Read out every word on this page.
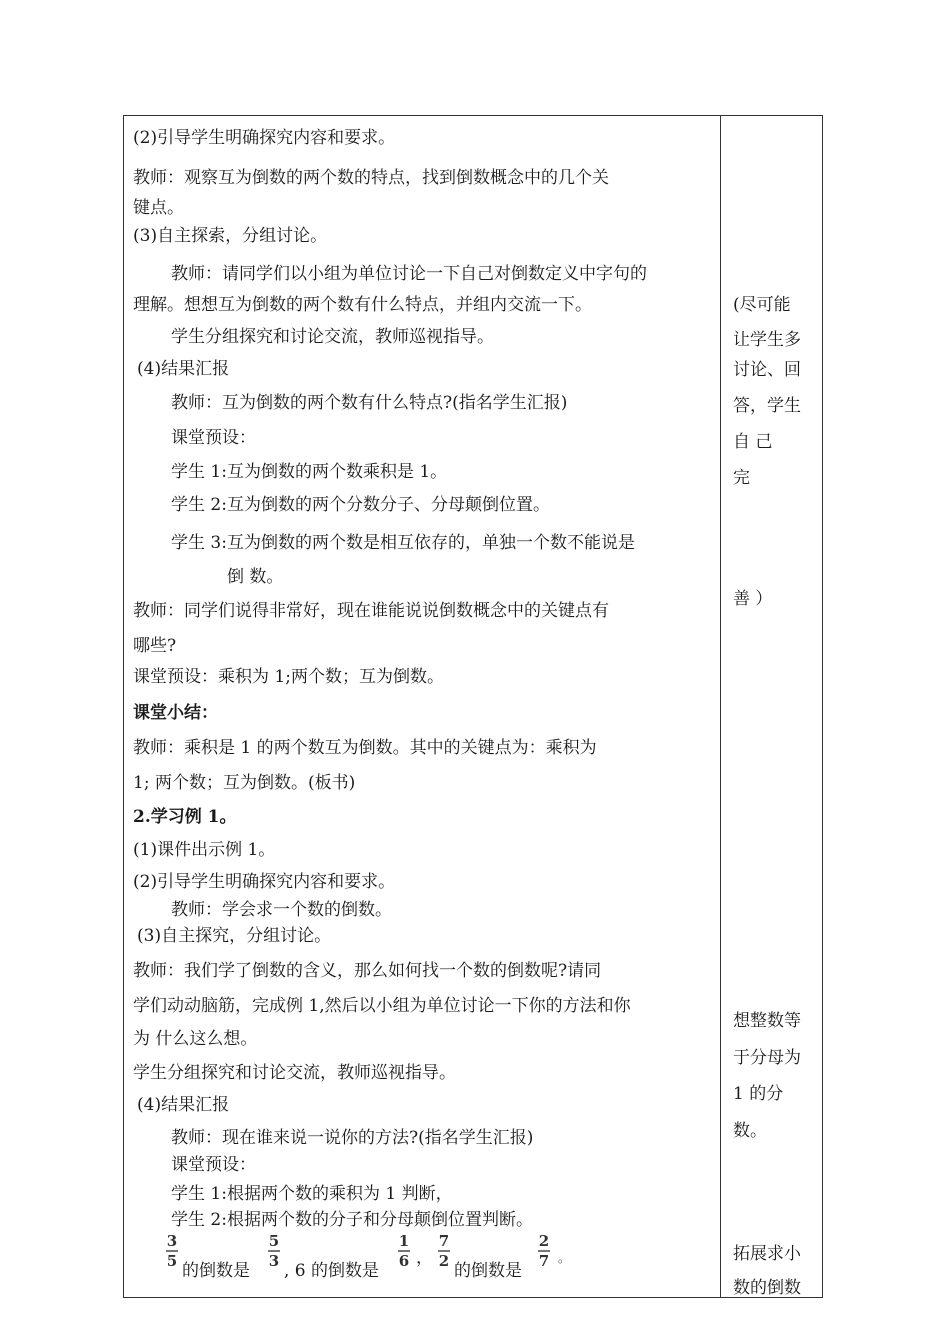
(2)引导学生明确探究内容和要求。
教师：观察互为倒数的两个数的特点，找到倒数概念中的几个关
键点。
(3)自主探索，分组讨论。
教师：请同学们以小组为单位讨论一下自己对倒数定义中字句的
理解。想想互为倒数的两个数有什么特点，并组内交流一下。
学生分组探究和讨论交流，教师巡视指导。
(4)结果汇报
教师：互为倒数的两个数有什么特点?(指名学生汇报)
课堂预设：
学生 1:互为倒数的两个数乘积是 1。
学生 2:互为倒数的两个分数分子、分母颠倒位置。
学生 3:互为倒数的两个数是相互依存的，单独一个数不能说是
倒 数。
教师：同学们说得非常好，现在谁能说说倒数概念中的关键点有
哪些?
课堂预设：乘积为 1;两个数；互为倒数。
课堂小结：
教师：乘积是 1 的两个数互为倒数。其中的关键点为：乘积为
1; 两个数；互为倒数。(板书)
2.学习例 1。
(1)课件出示例 1。
(2)引导学生明确探究内容和要求。
教师：学会求一个数的倒数。
(3)自主探究，分组讨论。
教师：我们学了倒数的含义，那么如何找一个数的倒数呢?请同
学们动动脑筋，完成例 1,然后以小组为单位讨论一下你的方法和你
为 什么这么想。
学生分组探究和讨论交流，教师巡视指导。
(4)结果汇报
教师：现在谁来说一说你的方法?(指名学生汇报)
课堂预设：
学生 1:根据两个数的乘积为 1 判断，
学生 2:根据两个数的分子和分母颠倒位置判断。
3
5 的倒数是
5
3 , 6 的倒数是
1
6 ，
7
2 的倒数是
2
7 。
(尽可能
让学生多
讨论、回
答，学生
自 己
完
善 ）
想整数等
于分母为
1 的分
数。
拓展求小
数的倒数
